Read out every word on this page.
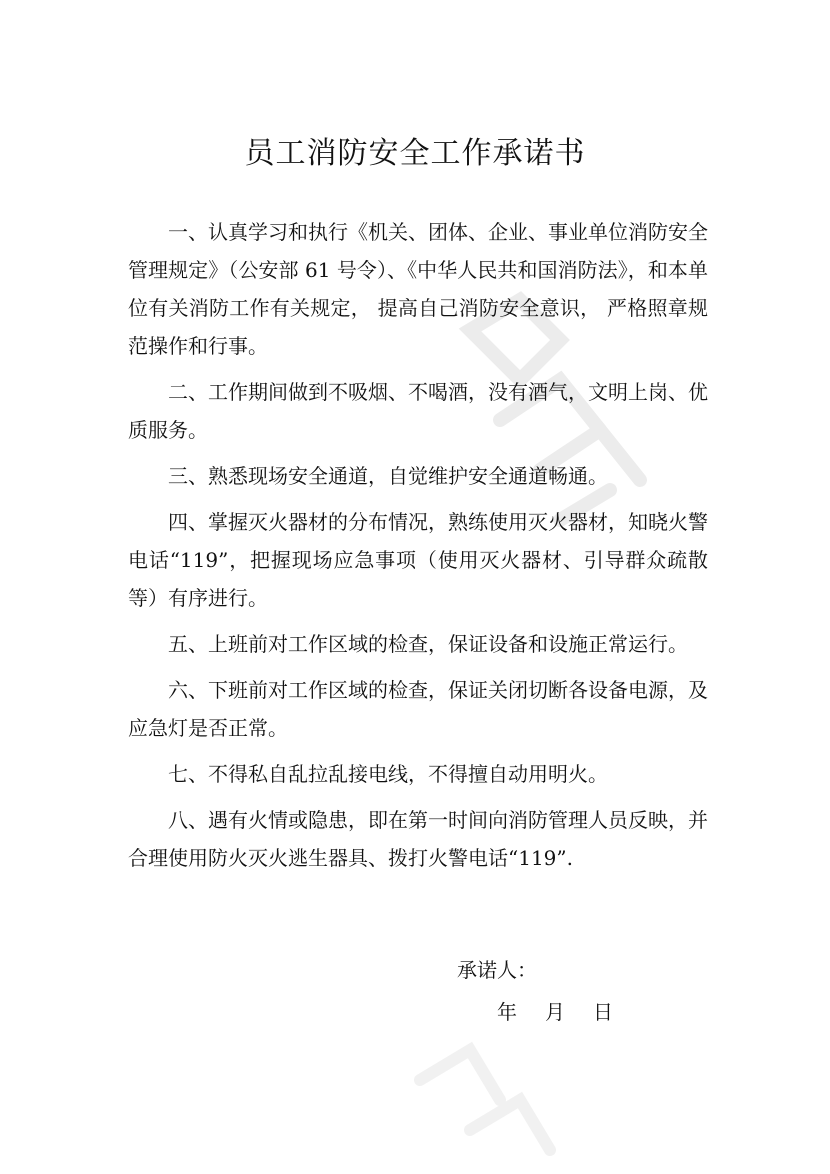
员工消防安全工作承诺书

一、认真学习和执行《机关、团体、企业、事业单位消防安全管理规定》（公安部 61 号令）、《中华人民共和国消防法》，和本单位有关消防工作有关规定， 提高自己消防安全意识， 严格照章规范操作和行事。

二、工作期间做到不吸烟、不喝酒，没有酒气，文明上岗、优质服务。

三、熟悉现场安全通道，自觉维护安全通道畅通。

四、掌握灭火器材的分布情况，熟练使用灭火器材，知晓火警电话“119”，把握现场应急事项（使用灭火器材、引导群众疏散等）有序进行。

五、上班前对工作区域的检查，保证设备和设施正常运行。

六、下班前对工作区域的检查，保证关闭切断各设备电源，及应急灯是否正常。

七、不得私自乱拉乱接电线，不得擅自动用明火。

八、遇有火情或隐患，即在第一时间向消防管理人员反映，并合理使用防火灭火逃生器具、拨打火警电话“119”.

承诺人：
年 月 日
